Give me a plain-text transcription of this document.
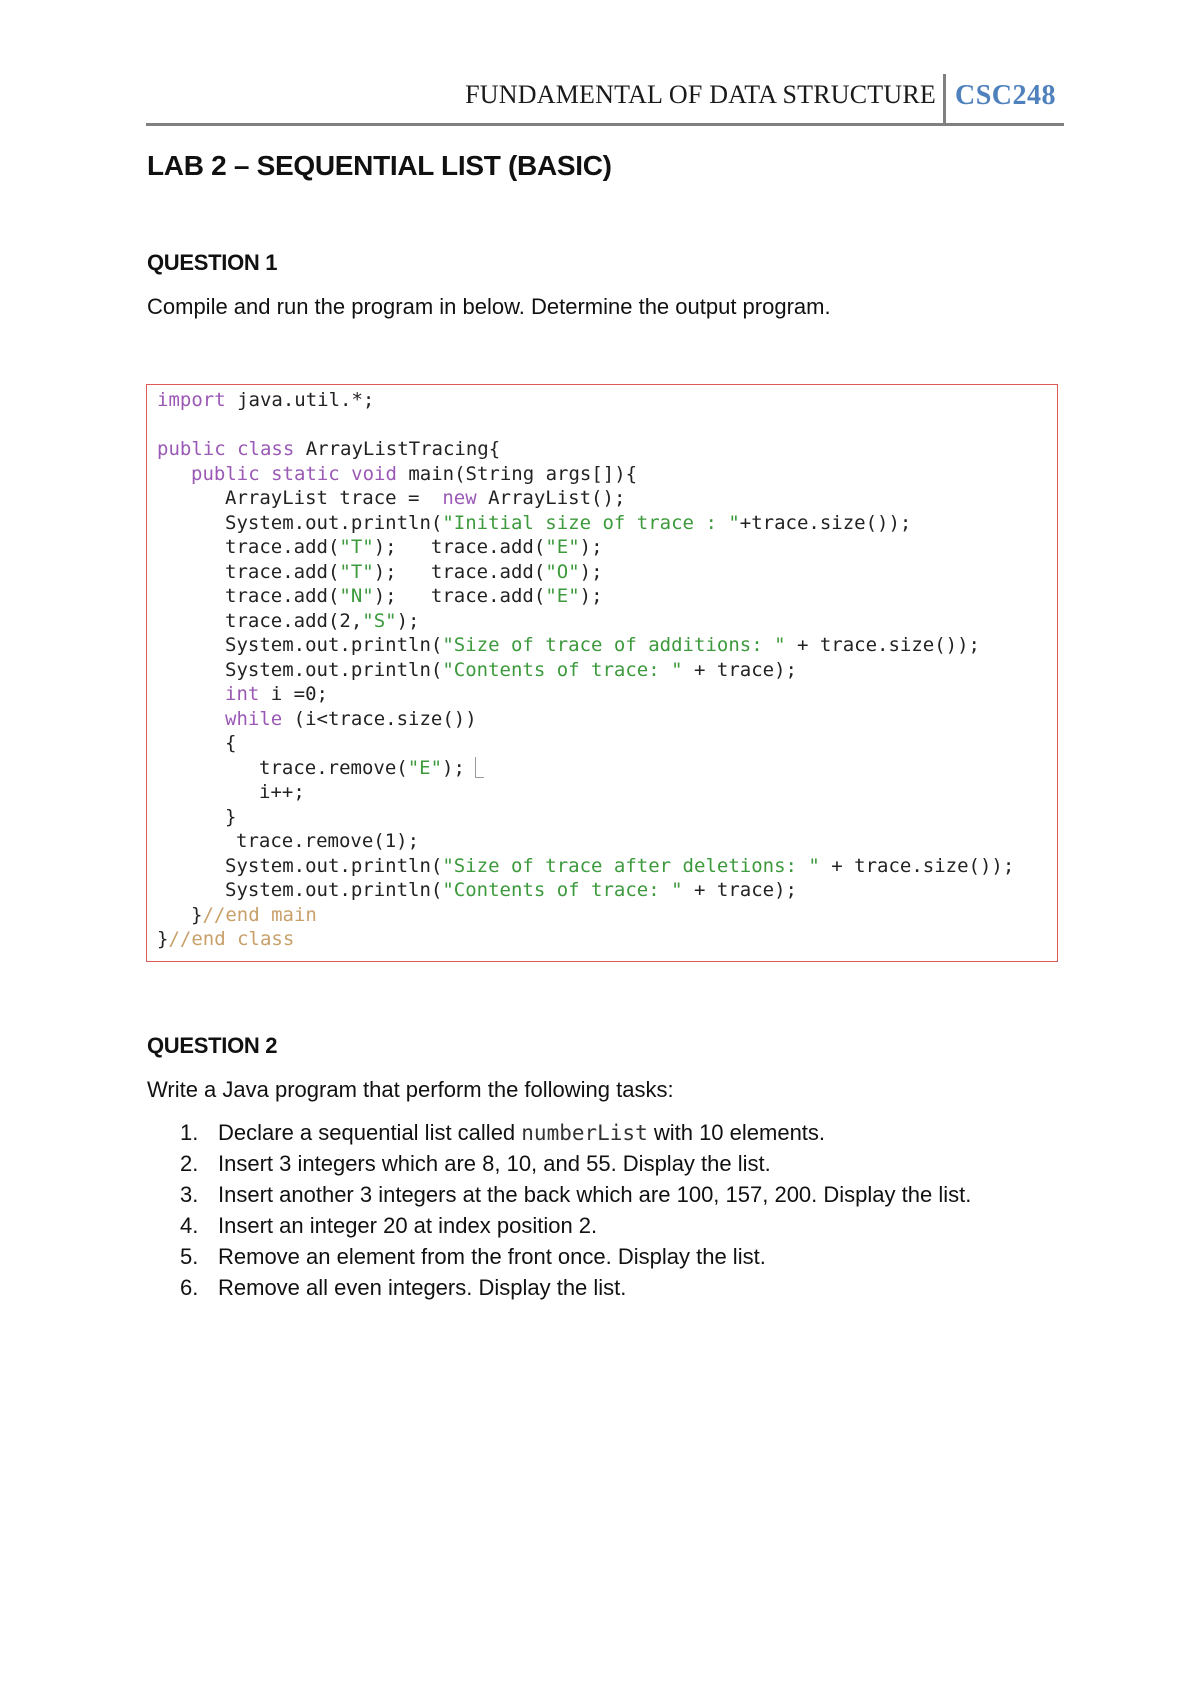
FUNDAMENTAL OF DATA STRUCTURE CSC248
LAB 2 – SEQUENTIAL LIST (BASIC)
QUESTION 1
Compile and run the program in below. Determine the output program.
import java.util.*;
public class ArrayListTracing{
public static void main(String args[]){
ArrayList trace =  new ArrayList();
System.out.println("Initial size of trace : "+trace.size());
trace.add("T");   trace.add("E");
trace.add("T");   trace.add("O");
trace.add("N");   trace.add("E");
trace.add(2,"S");
System.out.println("Size of trace of additions: " + trace.size());
System.out.println("Contents of trace: " + trace);
int i =0;
while (i<trace.size())
{
trace.remove("E");
i++;
}
trace.remove(1);
System.out.println("Size of trace after deletions: " + trace.size());
System.out.println("Contents of trace: " + trace);
}//end main
}//end class
QUESTION 2
Write a Java program that perform the following tasks:
1. Declare a sequential list called numberList with 10 elements.
2. Insert 3 integers which are 8, 10, and 55. Display the list.
3. Insert another 3 integers at the back which are 100, 157, 200. Display the list.
4. Insert an integer 20 at index position 2.
5. Remove an element from the front once. Display the list.
6. Remove all even integers. Display the list.
